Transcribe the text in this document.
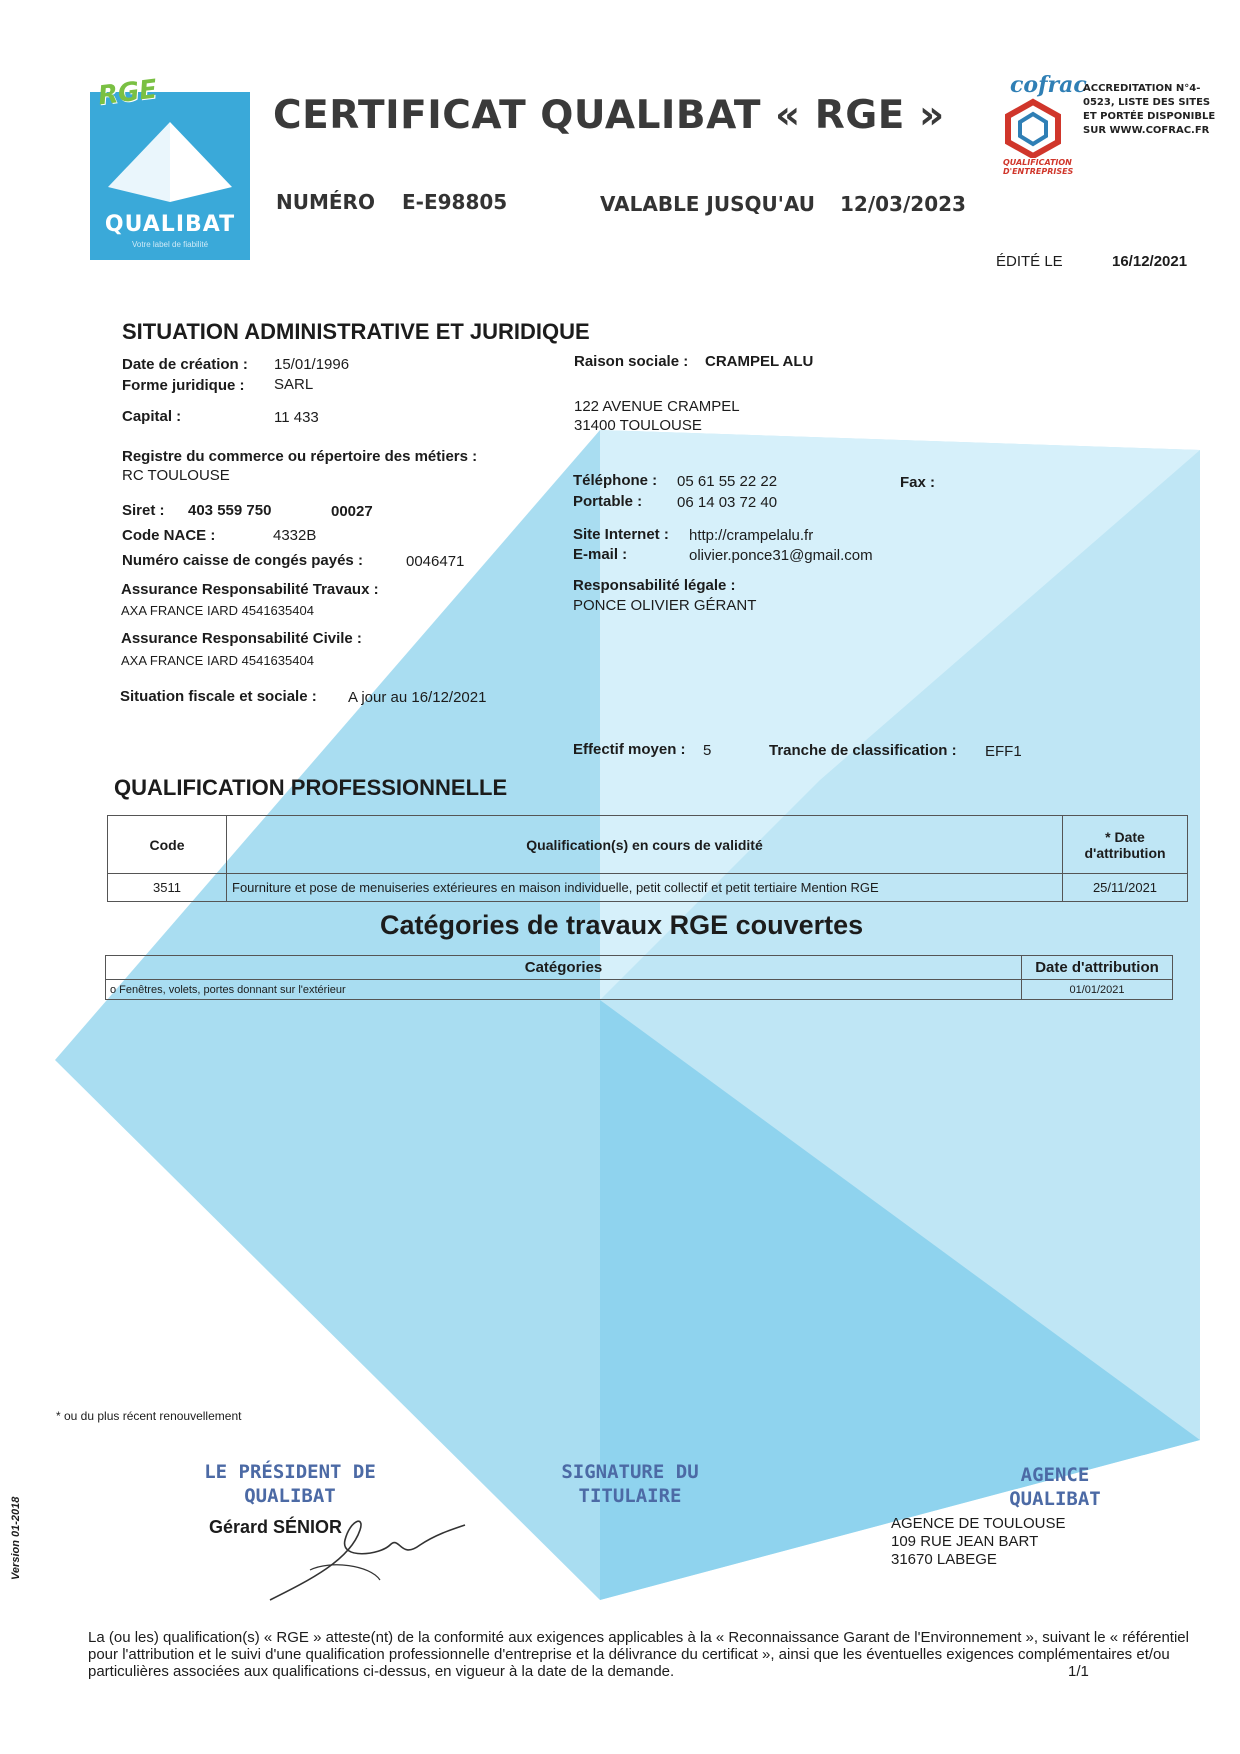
RGE
QUALIBAT
Votre label de fiabilité
CERTIFICAT QUALIBAT « RGE »
NUMÉRO E-E98805	VALABLE JUSQU'AU 12/03/2023
ÉDITÉ LE	16/12/2021
cofrac
QUALIFICATION D'ENTREPRISES
ACCREDITATION N°4-0523, LISTE DES SITES ET PORTÉE DISPONIBLE SUR WWW.COFRAC.FR
SITUATION ADMINISTRATIVE ET JURIDIQUE
Date de création : 15/01/1996
Forme juridique : SARL
Capital :	11 433
Registre du commerce ou répertoire des métiers :
RC TOULOUSE
Siret : 403 559 750	00027
Code NACE :	4332B
Numéro caisse de congés payés :	0046471
Assurance Responsabilité Travaux :
AXA FRANCE IARD 4541635404
Assurance Responsabilité Civile :
AXA FRANCE IARD 4541635404
Situation fiscale et sociale : A jour au 16/12/2021
Raison sociale : CRAMPEL ALU
122 AVENUE CRAMPEL
31400 TOULOUSE
Téléphone : 05 61 55 22 22	Fax :
Portable : 06 14 03 72 40
Site Internet : http://crampelalu.fr
E-mail :	olivier.ponce31@gmail.com
Responsabilité légale :
PONCE OLIVIER GÉRANT
Effectif moyen : 5	Tranche de classification : EFF1
QUALIFICATION PROFESSIONNELLE
Code	Qualification(s) en cours de validité	* Date d'attribution
3511	Fourniture et pose de menuiseries extérieures en maison individuelle, petit collectif et petit tertiaire Mention RGE	25/11/2021
Catégories de travaux RGE couvertes
Catégories	Date d'attribution
o Fenêtres, volets, portes donnant sur l'extérieur	01/01/2021
* ou du plus récent renouvellement
LE PRÉSIDENT DE QUALIBAT
Gérard SÉNIOR
SIGNATURE DU TITULAIRE
AGENCE QUALIBAT
AGENCE DE TOULOUSE
109 RUE JEAN BART
31670 LABEGE
Version 01-2018
La (ou les) qualification(s) « RGE » atteste(nt) de la conformité aux exigences applicables à la « Reconnaissance Garant de l'Environnement », suivant le « référentiel pour l'attribution et le suivi d'une qualification professionnelle d'entreprise et la délivrance du certificat », ainsi que les éventuelles exigences complémentaires et/ou particulières associées aux qualifications ci-dessus, en vigueur à la date de la demande.	1/1
